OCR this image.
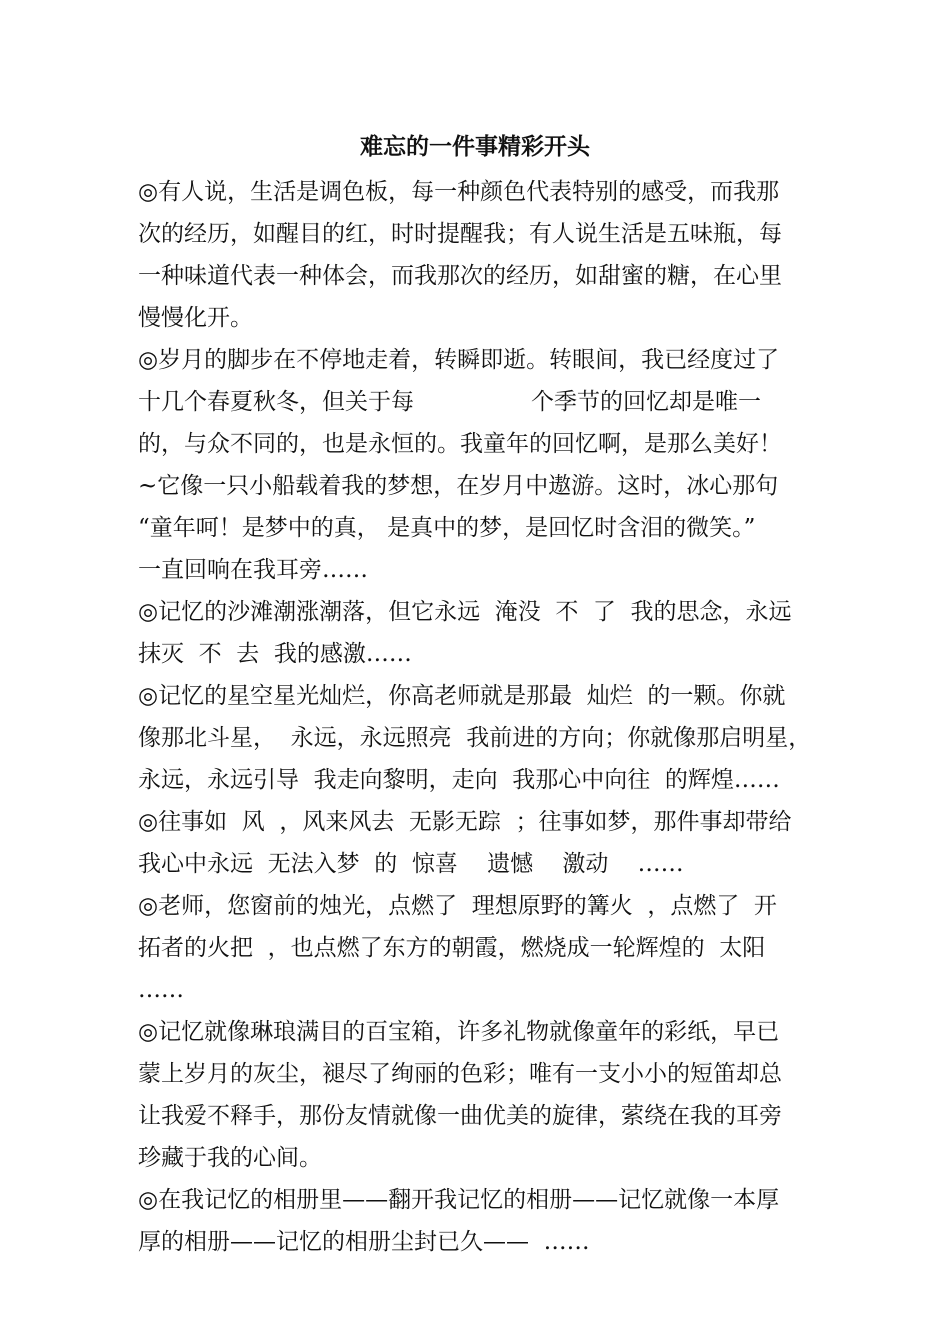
难忘的一件事精彩开头
◎有人说，生活是调色板，每一种颜色代表特别的感受，而我那
次的经历，如醒目的红，时时提醒我；有人说生活是五味瓶，每
一种味道代表一种体会，而我那次的经历，如甜蜜的糖，在心里
慢慢化开。
◎岁月的脚步在不停地走着，转瞬即逝。转眼间，我已经度过了
十几个春夏秋冬，但关于每                个季节的回忆却是唯一
的，与众不同的，也是永恒的。我童年的回忆啊，是那么美好！
~它像一只小船载着我的梦想，在岁月中遨游。这时，冰心那句
“童年呵！是梦中的真， 是真中的梦，是回忆时含泪的微笑。”
一直回响在我耳旁……
◎记忆的沙滩潮涨潮落，但它永远  淹没  不  了  我的思念，永远
抹灭  不  去  我的感激……
◎记忆的星空星光灿烂，你高老师就是那最  灿烂  的一颗。你就
像那北斗星，  永远，永远照亮  我前进的方向；你就像那启明星，
永远，永远引导  我走向黎明，走向  我那心中向往  的辉煌……
◎往事如  风  ，风来风去  无影无踪  ；往事如梦，那件事却带给
我心中永远  无法入梦  的  惊喜    遗憾    激动    ……
◎老师，您窗前的烛光，点燃了  理想原野的篝火  ，点燃了  开
拓者的火把  ，也点燃了东方的朝霞，燃烧成一轮辉煌的  太阳
……
◎记忆就像琳琅满目的百宝箱，许多礼物就像童年的彩纸，早已
蒙上岁月的灰尘，褪尽了绚丽的色彩；唯有一支小小的短笛却总
让我爱不释手，那份友情就像一曲优美的旋律，萦绕在我的耳旁
珍藏于我的心间。
◎在我记忆的相册里——翻开我记忆的相册——记忆就像一本厚
厚的相册——记忆的相册尘封已久——  ……
